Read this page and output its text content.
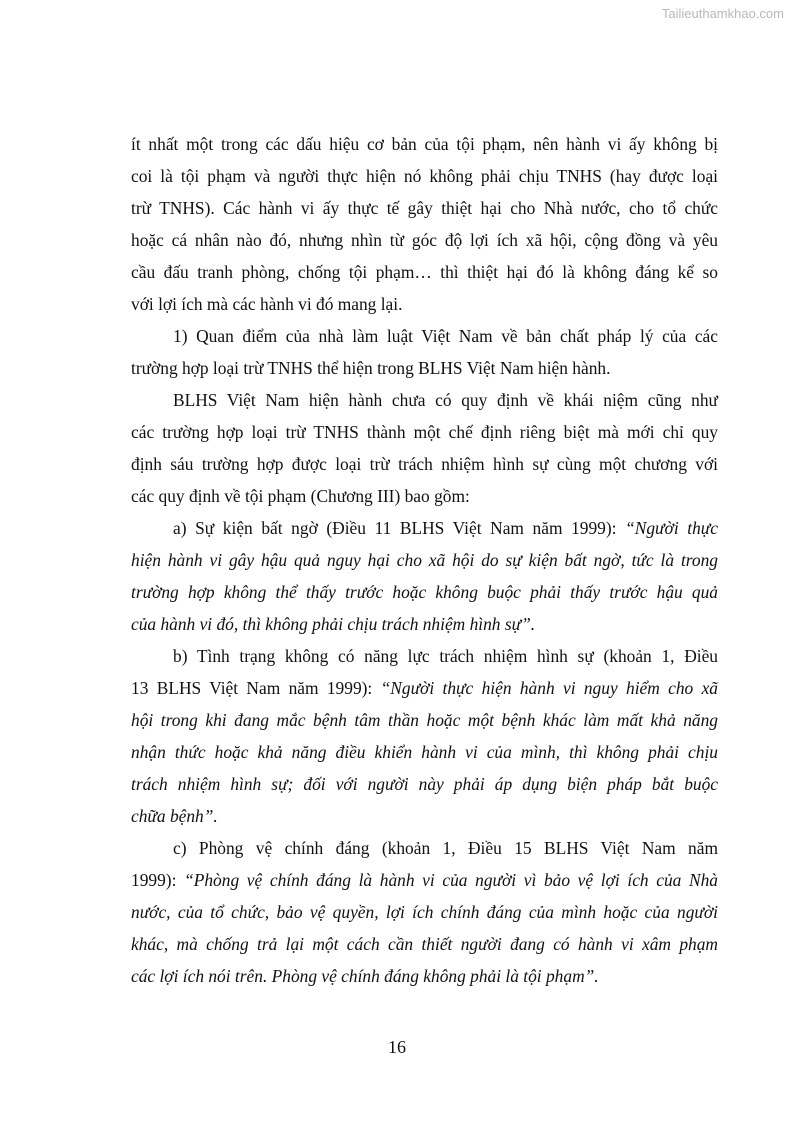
Tailieuthamkhao.com
ít nhất một trong các dấu hiệu cơ bản của tội phạm, nên hành vi ấy không bị
coi là tội phạm và người thực hiện nó không phải chịu TNHS (hay được loại
trừ TNHS). Các hành vi ấy thực tế gây thiệt hại cho Nhà nước, cho tổ chức
hoặc cá nhân nào đó, nhưng nhìn từ góc độ lợi ích xã hội, cộng đồng và yêu
cầu đấu tranh phòng, chống tội phạm… thì thiệt hại đó là không đáng kể so
với lợi ích mà các hành vi đó mang lại.
1) Quan điểm của nhà làm luật Việt Nam về bản chất pháp lý của các
trường hợp loại trừ TNHS thể hiện trong BLHS Việt Nam hiện hành.
BLHS Việt Nam hiện hành chưa có quy định về khái niệm cũng như
các trường hợp loại trừ TNHS thành một chế định riêng biệt mà mới chỉ quy
định sáu trường hợp được loại trừ trách nhiệm hình sự cùng một chương với
các quy định về tội phạm (Chương III) bao gồm:
a) Sự kiện bất ngờ (Điều 11 BLHS Việt Nam năm 1999): “Người thực
hiện hành vi gây hậu quả nguy hại cho xã hội do sự kiện bất ngờ, tức là trong
trường hợp không thể thấy trước hoặc không buộc phải thấy trước hậu quả
của hành vi đó, thì không phải chịu trách nhiệm hình sự”.
b) Tình trạng không có năng lực trách nhiệm hình sự (khoản 1, Điều
13 BLHS Việt Nam năm 1999): “Người thực hiện hành vi nguy hiểm cho xã
hội trong khi đang mắc bệnh tâm thần hoặc một bệnh khác làm mất khả năng
nhận thức hoặc khả năng điều khiển hành vi của mình, thì không phải chịu
trách nhiệm hình sự; đối với người này phải áp dụng biện pháp bắt buộc
chữa bệnh”.
c) Phòng vệ chính đáng (khoản 1, Điều 15 BLHS Việt Nam năm
1999): “Phòng vệ chính đáng là hành vi của người vì bảo vệ lợi ích của Nhà
nước, của tổ chức, bảo vệ quyền, lợi ích chính đáng của mình hoặc của người
khác, mà chống trả lại một cách cần thiết người đang có hành vi xâm phạm
các lợi ích nói trên. Phòng vệ chính đáng không phải là tội phạm”.
16
